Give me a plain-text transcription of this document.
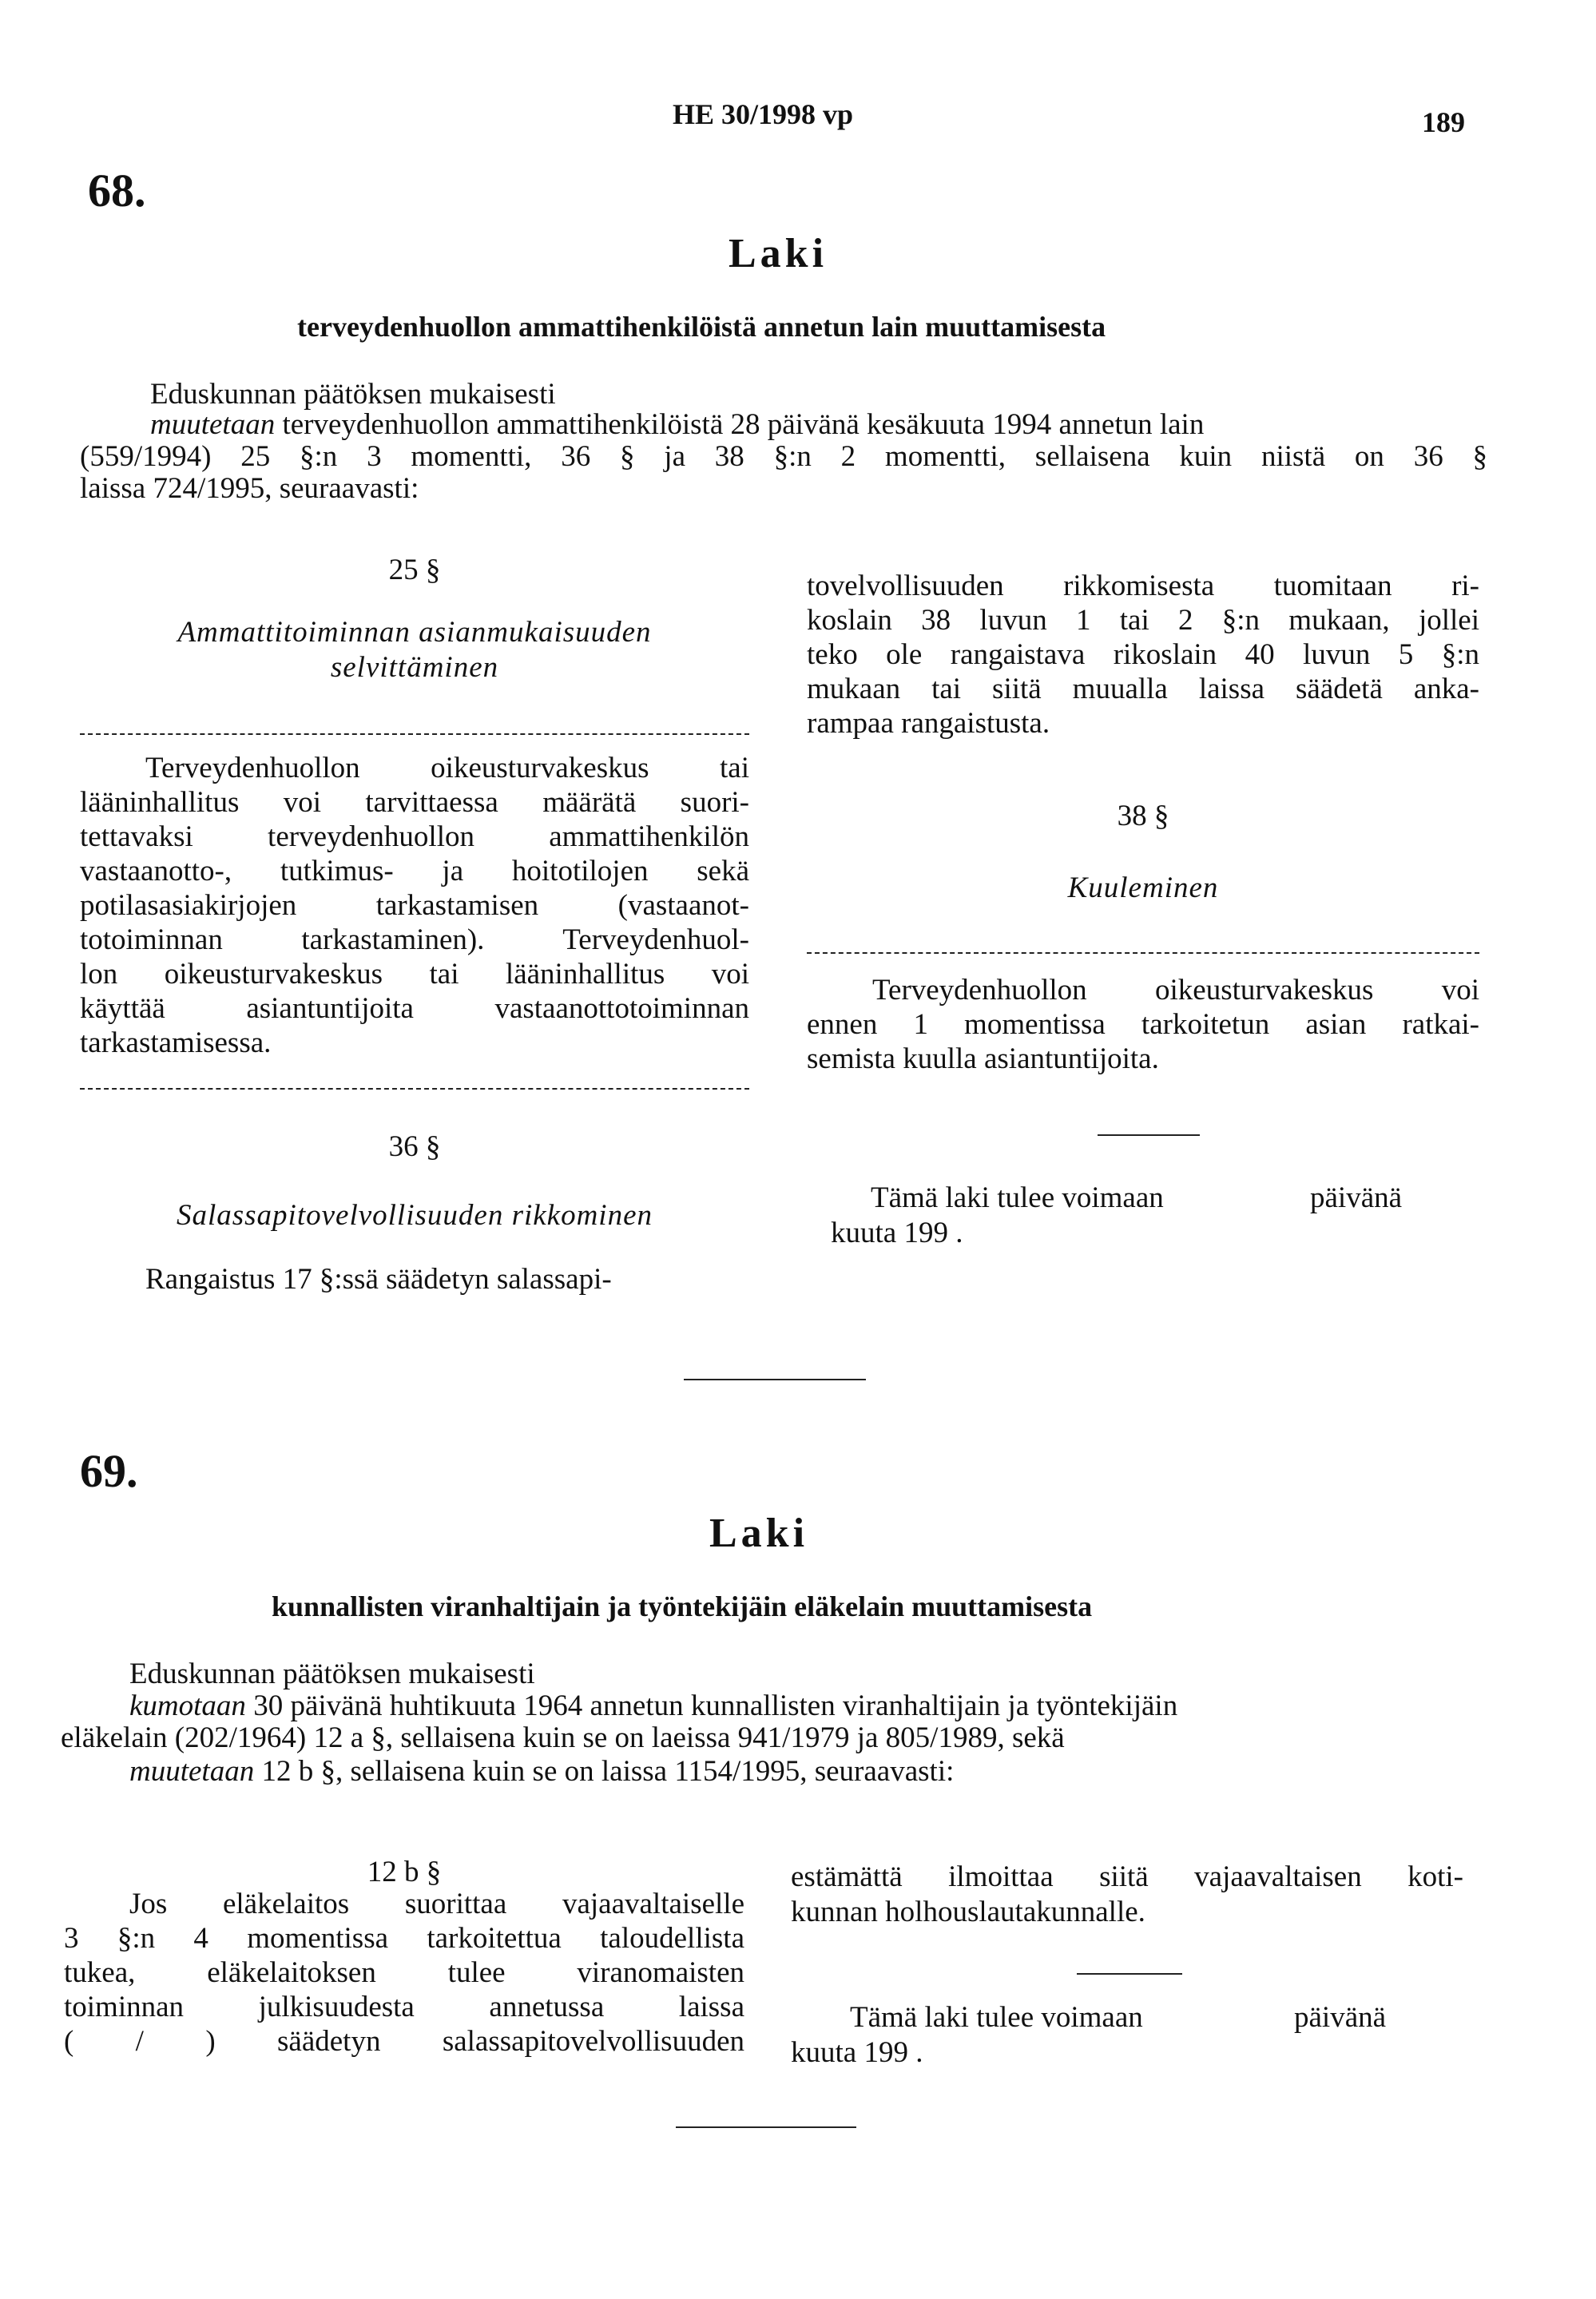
HE 30/1998 vp	189
68.
Laki
terveydenhuollon ammattihenkilöistä annetun lain muuttamisesta
Eduskunnan päätöksen mukaisesti
muutetaan terveydenhuollon ammattihenkilöistä 28 päivänä kesäkuuta 1994 annetun lain
(559/1994) 25 §:n 3 momentti, 36 § ja 38 §:n 2 momentti, sellaisena kuin niistä on 36 §
laissa 724/1995, seuraavasti:
25 §
Ammattitoiminnan asianmukaisuuden
selvittäminen
Terveydenhuollon oikeusturvakeskus tai
lääninhallitus voi tarvittaessa määrätä suori-
tettavaksi terveydenhuollon ammattihenkilön
vastaanotto-, tutkimus- ja hoitotilojen sekä
potilasasiakirjojen tarkastamisen (vastaanot-
totoiminnan tarkastaminen). Terveydenhuol-
lon oikeusturvakeskus tai lääninhallitus voi
käyttää asiantuntijoita vastaanottotoiminnan
tarkastamisessa.
36 §
Salassapitovelvollisuuden rikkominen
Rangaistus 17 §:ssä säädetyn salassapi-
tovelvollisuuden rikkomisesta tuomitaan ri-
koslain 38 luvun 1 tai 2 §:n mukaan, jollei
teko ole rangaistava rikoslain 40 luvun 5 §:n
mukaan tai siitä muualla laissa säädetä anka-
rampaa rangaistusta.
38 §
Kuuleminen
Terveydenhuollon oikeusturvakeskus voi
ennen 1 momentissa tarkoitetun asian ratkai-
semista kuulla asiantuntijoita.
Tämä laki tulee voimaan	päivänä
kuuta 199 .
69.
Laki
kunnallisten viranhaltijain ja työntekijäin eläkelain muuttamisesta
Eduskunnan päätöksen mukaisesti
kumotaan 30 päivänä huhtikuuta 1964 annetun kunnallisten viranhaltijain ja työntekijäin
eläkelain (202/1964) 12 a §, sellaisena kuin se on laeissa 941/1979 ja 805/1989, sekä
muutetaan 12 b §, sellaisena kuin se on laissa 1154/1995, seuraavasti:
12 b §
Jos eläkelaitos suorittaa vajaavaltaiselle
3 §:n 4 momentissa tarkoitettua taloudellista
tukea, eläkelaitoksen tulee viranomaisten
toiminnan julkisuudesta annetussa laissa
( / ) säädetyn salassapitovelvollisuuden
estämättä ilmoittaa siitä vajaavaltaisen koti-
kunnan holhouslautakunnalle.
Tämä laki tulee voimaan	päivänä
kuuta 199 .
